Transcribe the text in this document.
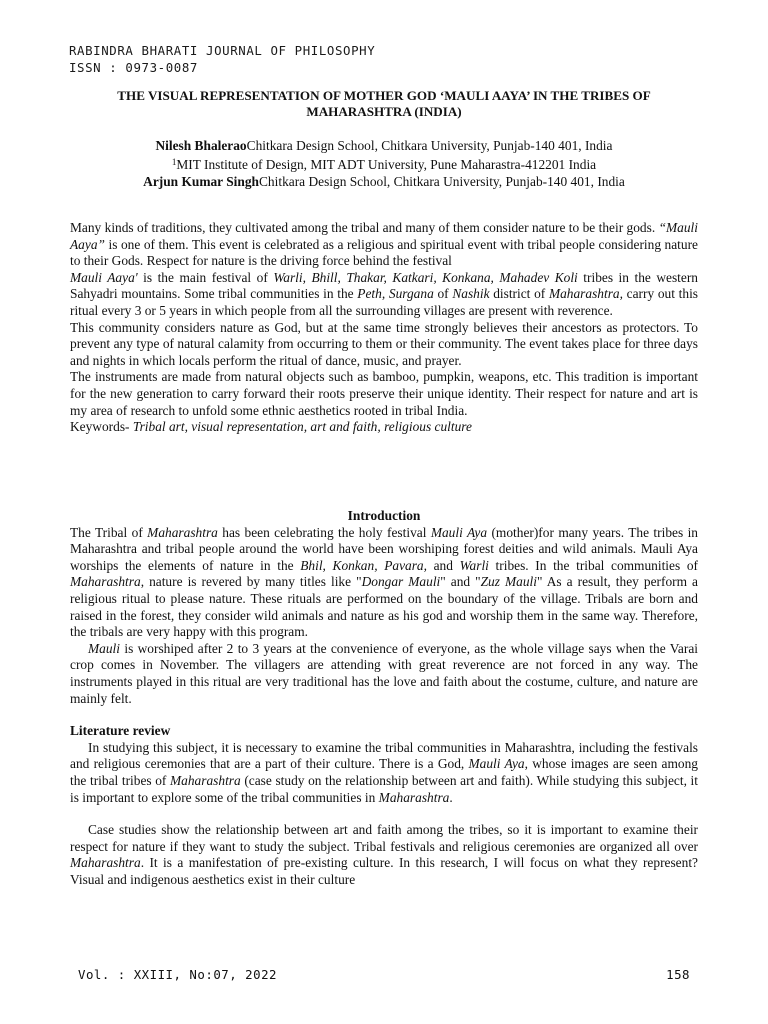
RABINDRA BHARATI JOURNAL OF PHILOSOPHY
ISSN : 0973-0087
THE VISUAL REPRESENTATION OF MOTHER GOD ‘MAULI AAYA’ IN THE TRIBES OF MAHARASHTRA (INDIA)
Nilesh BhaleraoChitkara Design School, Chitkara University, Punjab-140 401, India
$^1$MIT Institute of Design, MIT ADT University, Pune Maharastra-412201 India
Arjun Kumar SinghChitkara Design School, Chitkara University, Punjab-140 401, India

Many kinds of traditions, they cultivated among the tribal and many of them consider nature to be their gods. “Mauli Aaya” is one of them. This event is celebrated as a religious and spiritual event with tribal people considering nature to their Gods. Respect for nature is the driving force behind the festival

Mauli Aaya' is the main festival of Warli, Bhill, Thakar, Katkari, Konkana, Mahadev Koli tribes in the western Sahyadri mountains. Some tribal communities in the Peth, Surgana of Nashik district of Maharashtra, carry out this ritual every 3 or 5 years in which people from all the surrounding villages are present with reverence.

This community considers nature as God, but at the same time strongly believes their ancestors as protectors. To prevent any type of natural calamity from occurring to them or their community. The event takes place for three days and nights in which locals perform the ritual of dance, music, and prayer.

The instruments are made from natural objects such as bamboo, pumpkin, weapons, etc. This tradition is important for the new generation to carry forward their roots preserve their unique identity. Their respect for nature and art is my area of research to unfold some ethnic aesthetics rooted in tribal India.

Keywords- Tribal art, visual representation, art and faith, religious culture

Introduction

The Tribal of Maharashtra has been celebrating the holy festival Mauli Aya (mother)for many years. The tribes in Maharashtra and tribal people around the world have been worshiping forest deities and wild animals. Mauli Aya worships the elements of nature in the Bhil, Konkan, Pavara, and Warli tribes. In the tribal communities of Maharashtra, nature is revered by many titles like "Dongar Mauli" and "Zuz Mauli" As a result, they perform a religious ritual to please nature. These rituals are performed on the boundary of the village. Tribals are born and raised in the forest, they consider wild animals and nature as his god and worship them in the same way. Therefore, the tribals are very happy with this program.

Mauli is worshiped after 2 to 3 years at the convenience of everyone, as the whole village says when the Varai crop comes in November. The villagers are attending with great reverence are not forced in any way. The instruments played in this ritual are very traditional has the love and faith about the costume, culture, and nature are mainly felt.

Literature review

In studying this subject, it is necessary to examine the tribal communities in Maharashtra, including the festivals and religious ceremonies that are a part of their culture. There is a God, Mauli Aya, whose images are seen among the tribal tribes of Maharashtra (case study on the relationship between art and faith). While studying this subject, it is important to explore some of the tribal communities in Maharashtra.

Case studies show the relationship between art and faith among the tribes, so it is important to examine their respect for nature if they want to study the subject. Tribal festivals and religious ceremonies are organized all over Maharashtra. It is a manifestation of pre-existing culture. In this research, I will focus on what they represent? Visual and indigenous aesthetics exist in their culture

Vol. : XXIII, No:07, 2022	158
